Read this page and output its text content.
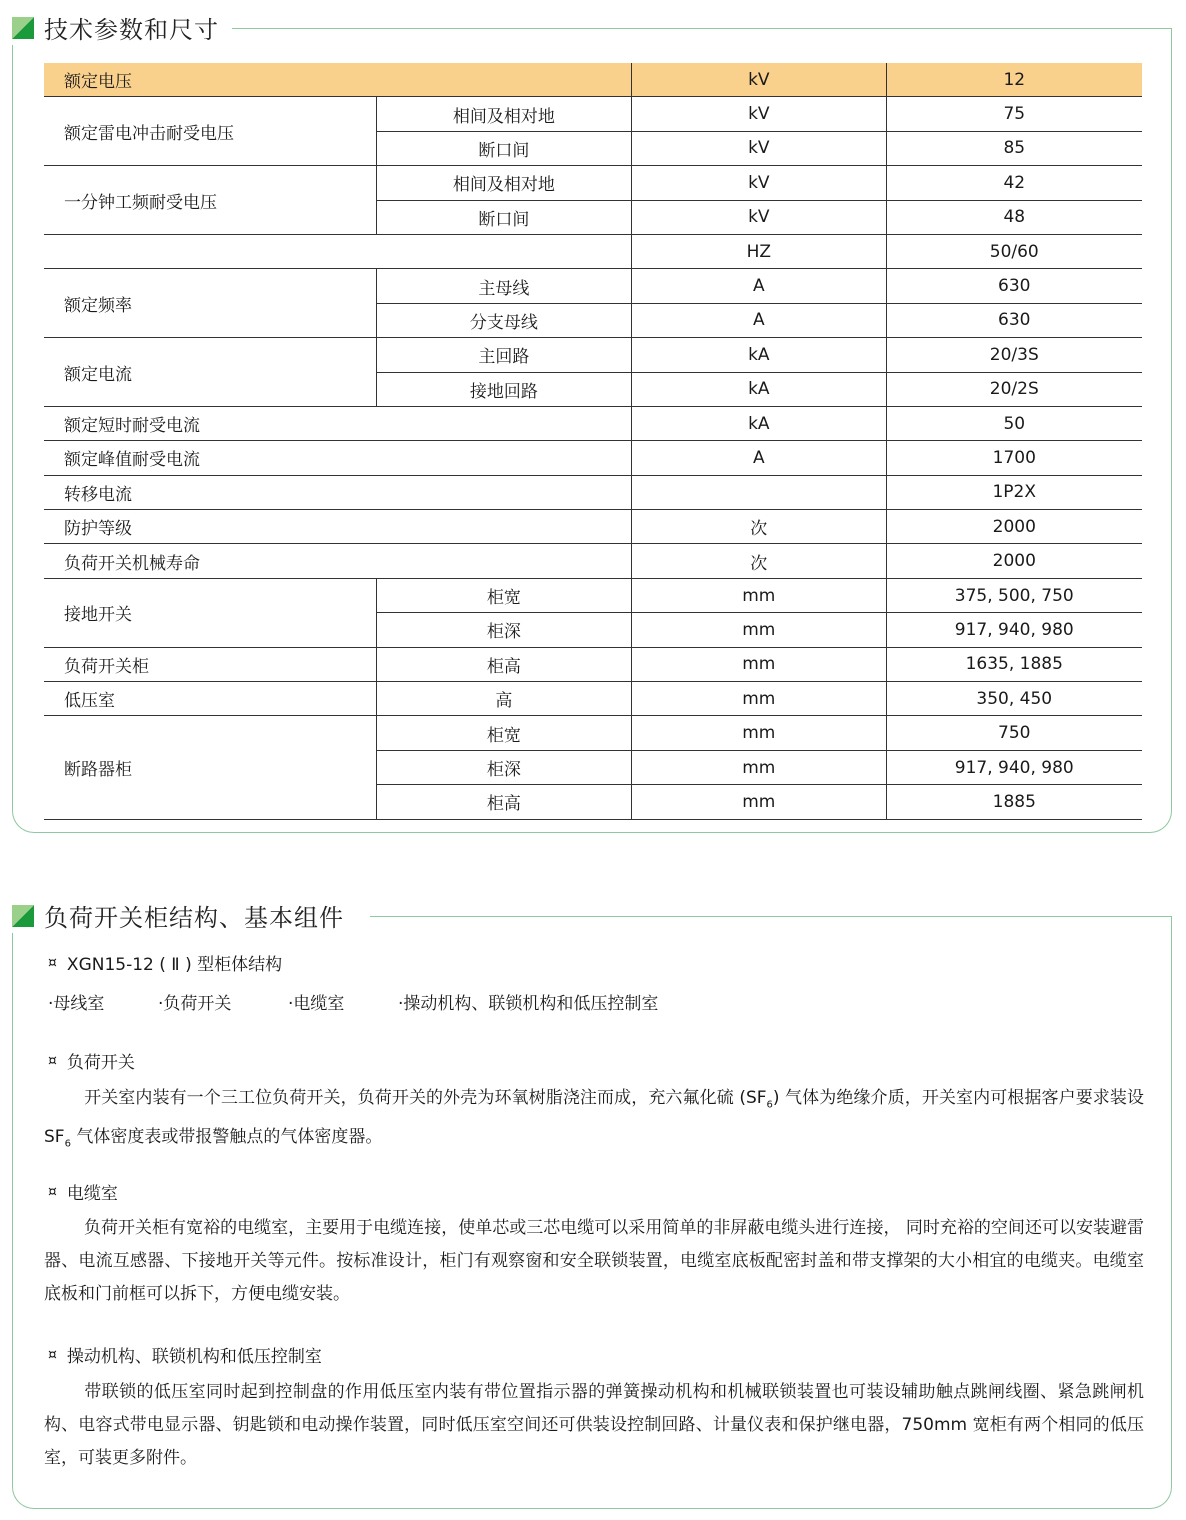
技术参数和尺寸
额定电压		kV	12
额定雷电冲击耐受电压	相间及相对地	kV	75
	断口间	kV	85
一分钟工频耐受电压	相间及相对地	kV	42
	断口间	kV	48
		HZ	50/60
额定频率	主母线	A	630
	分支母线	A	630
额定电流	主回路	kA	20/3S
	接地回路	kA	20/2S
额定短时耐受电流		kA	50
额定峰值耐受电流		A	1700
转移电流			1P2X
防护等级		次	2000
负荷开关机械寿命		次	2000
接地开关	柜宽	mm	375, 500, 750
	柜深	mm	917, 940, 980
负荷开关柜	柜高	mm	1635, 1885
低压室	高	mm	350, 450
断路器柜	柜宽	mm	750
	柜深	mm	917, 940, 980
	柜高	mm	1885
负荷开关柜结构、基本组件
¤ XGN15-12 ( Ⅱ ) 型柜体结构
·母线室	·负荷开关	·电缆室	·操动机构、联锁机构和低压控制室
¤ 负荷开关
开关室内装有一个三工位负荷开关，负荷开关的外壳为环氧树脂浇注而成，充六氟化硫 $(SF_6)$ 气体为绝缘介质，开关室内可根据客户要求装设 $SF_6$ 气体密度表或带报警触点的气体密度器。
¤ 电缆室
负荷开关柜有宽裕的电缆室，主要用于电缆连接，使单芯或三芯电缆可以采用简单的非屏蔽电缆头进行连接， 同时充裕的空间还可以安装避雷器、电流互感器、下接地开关等元件。按标准设计，柜门有观察窗和安全联锁装置，电缆室底板配密封盖和带支撑架的大小相宜的电缆夹。电缆室底板和门前框可以拆下，方便电缆安装。
¤ 操动机构、联锁机构和低压控制室
带联锁的低压室同时起到控制盘的作用低压室内装有带位置指示器的弹簧操动机构和机械联锁装置也可装设辅助触点跳闸线圈、紧急跳闸机构、电容式带电显示器、钥匙锁和电动操作装置，同时低压室空间还可供装设控制回路、计量仪表和保护继电器，750mm 宽柜有两个相同的低压室，可装更多附件。
